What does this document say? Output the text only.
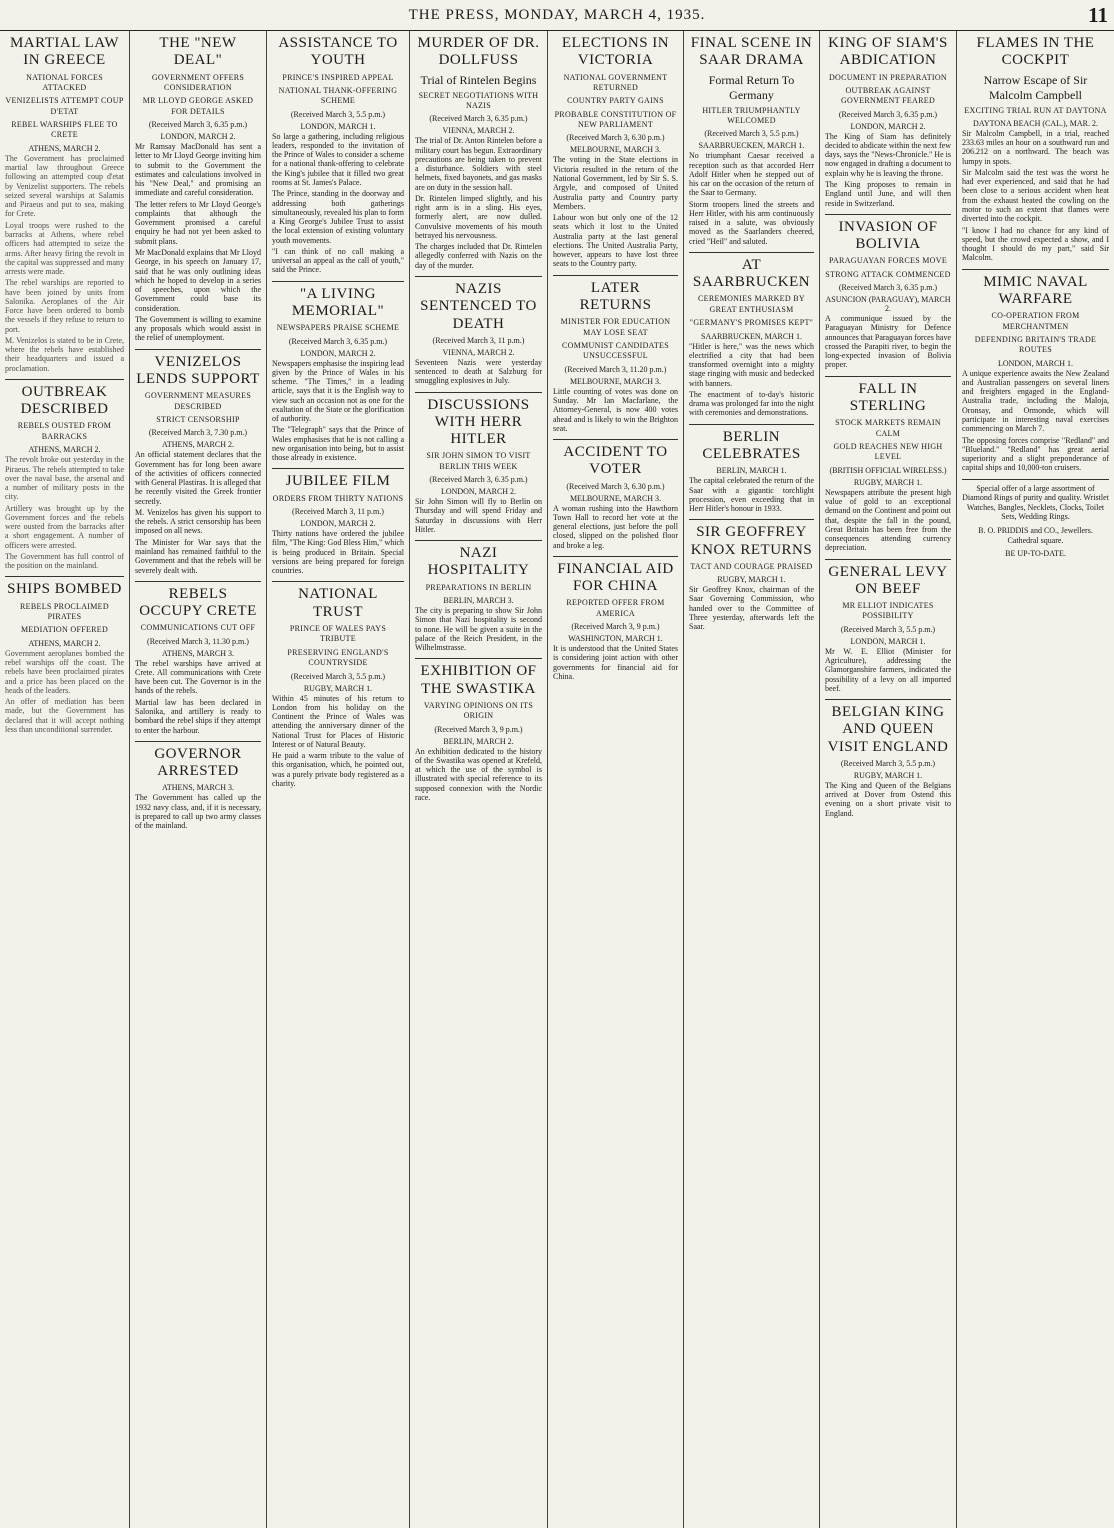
THE PRESS, MONDAY, MARCH 4, 1935.	11
MARTIAL LAW IN GREECE
NATIONAL FORCES ATTACKED
VENIZELISTS ATTEMPT COUP D'ETAT
REBEL WARSHIPS FLEE TO CRETE
ATHENS, MARCH 2.

The Government has proclaimed martial law throughout Greece following an attempted coup d'etat by Venizelist supporters. The rebels seized several warships at Salamis and Piraeus and put to sea, making for Crete.

Loyal troops were rushed to the barracks at Athens, where rebel officers had attempted to seize the arms. After heavy firing the revolt in the capital was suppressed and many arrests were made.

The rebel warships are reported to have been joined by units from Salonika. Aeroplanes of the Air Force have been ordered to bomb the vessels if they refuse to return to port.

M. Venizelos is stated to be in Crete, where the rebels have established their headquarters and issued a proclamation.

OUTBREAK DESCRIBED
REBELS OUSTED FROM BARRACKS
ATHENS, MARCH 2.

The revolt broke out yesterday in the Piraeus. The rebels attempted to take over the naval base, the arsenal and a number of military posts in the city.

Artillery was brought up by the Government forces and the rebels were ousted from the barracks after a short engagement. A number of officers were arrested.

The Government has full control of the position on the mainland.

SHIPS BOMBED
REBELS PROCLAIMED PIRATES
MEDIATION OFFERED
ATHENS, MARCH 2.

Government aeroplanes bombed the rebel warships off the coast. The rebels have been proclaimed pirates and a price has been placed on the heads of the leaders.

An offer of mediation has been made, but the Government has declared that it will accept nothing less than unconditional surrender.

THE "NEW DEAL"
GOVERNMENT OFFERS CONSIDERATION
MR LLOYD GEORGE ASKED FOR DETAILS
(Received March 3, 6.35 p.m.)
LONDON, MARCH 2.

Mr Ramsay MacDonald has sent a letter to Mr Lloyd George inviting him to submit to the Government the estimates and calculations involved in his "New Deal," and promising an immediate and careful consideration.

The letter refers to Mr Lloyd George's complaints that although the Government promised a careful enquiry he had not yet been asked to submit plans.

Mr MacDonald explains that Mr Lloyd George, in his speech on January 17, said that he was only outlining ideas which he hoped to develop in a series of speeches, upon which the Government could base its consideration.

The Government is willing to examine any proposals which would assist in the relief of unemployment.

VENIZELOS LENDS SUPPORT
GOVERNMENT MEASURES DESCRIBED
STRICT CENSORSHIP
(Received March 3, 7.30 p.m.)
ATHENS, MARCH 2.

An official statement declares that the Government has for long been aware of the activities of officers connected with General Plastiras. It is alleged that he recently visited the Greek frontier secretly.

M. Venizelos has given his support to the rebels. A strict censorship has been imposed on all news.

The Minister for War says that the mainland has remained faithful to the Government and that the rebels will be severely dealt with.

REBELS OCCUPY CRETE
COMMUNICATIONS CUT OFF
(Received March 3, 11.30 p.m.)
ATHENS, MARCH 3.

The rebel warships have arrived at Crete. All communications with Crete have been cut. The Governor is in the hands of the rebels.

Martial law has been declared in Salonika, and artillery is ready to bombard the rebel ships if they attempt to enter the harbour.

GOVERNOR ARRESTED
ATHENS, MARCH 3.

The Government has called up the 1932 navy class, and, if it is necessary, is prepared to call up two army classes of the mainland.

ASSISTANCE TO YOUTH
PRINCE'S INSPIRED APPEAL
NATIONAL THANK-OFFERING SCHEME
(Received March 3, 5.5 p.m.)
LONDON, MARCH 1.

So large a gathering, including religious leaders, responded to the invitation of the Prince of Wales to consider a scheme for a national thank-offering to celebrate the King's jubilee that it filled two great rooms at St. James's Palace.

The Prince, standing in the doorway and addressing both gatherings simultaneously, revealed his plan to form a King George's Jubilee Trust to assist the local extension of existing voluntary youth movements.

"I can think of no call making a universal an appeal as the call of youth," said the Prince.

"A LIVING MEMORIAL"
NEWSPAPERS PRAISE SCHEME
(Received March 3, 6.35 p.m.)
LONDON, MARCH 2.

Newspapers emphasise the inspiring lead given by the Prince of Wales in his scheme. "The Times," in a leading article, says that it is the English way to view such an occasion not as one for the exaltation of the State or the glorification of authority.

The "Telegraph" says that the Prince of Wales emphasises that he is not calling a new organisation into being, but to assist those already in existence.

JUBILEE FILM
ORDERS FROM THIRTY NATIONS
(Received March 3, 11 p.m.)
LONDON, MARCH 2.

Thirty nations have ordered the jubilee film, "The King: God Bless Him," which is being produced in Britain. Special versions are being prepared for foreign countries.

NATIONAL TRUST
PRINCE OF WALES PAYS TRIBUTE
PRESERVING ENGLAND'S COUNTRYSIDE
(Received March 3, 5.5 p.m.)
RUGBY, MARCH 1.

Within 45 minutes of his return to London from his holiday on the Continent the Prince of Wales was attending the anniversary dinner of the National Trust for Places of Historic Interest or of Natural Beauty.

He paid a warm tribute to the value of this organisation, which, he pointed out, was a purely private body registered as a charity.

MURDER OF DR. DOLLFUSS
Trial of Rintelen Begins
SECRET NEGOTIATIONS WITH NAZIS
(Received March 3, 6.35 p.m.)
VIENNA, MARCH 2.

The trial of Dr. Anton Rintelen before a military court has begun. Extraordinary precautions are being taken to prevent a disturbance. Soldiers with steel helmets, fixed bayonets, and gas masks are on duty in the session hall.

Dr. Rintelen limped slightly, and his right arm is in a sling. His eyes, formerly alert, are now dulled. Convulsive movements of his mouth betrayed his nervousness.

The charges included that Dr. Rintelen allegedly conferred with Nazis on the day of the murder.

NAZIS SENTENCED TO DEATH
(Received March 3, 11 p.m.)
VIENNA, MARCH 2.

Seventeen Nazis were yesterday sentenced to death at Salzburg for smuggling explosives in July.

DISCUSSIONS WITH HERR HITLER
SIR JOHN SIMON TO VISIT BERLIN THIS WEEK
(Received March 3, 6.35 p.m.)
LONDON, MARCH 2.

Sir John Simon will fly to Berlin on Thursday and will spend Friday and Saturday in discussions with Herr Hitler.

NAZI HOSPITALITY
PREPARATIONS IN BERLIN
BERLIN, MARCH 3.

The city is preparing to show Sir John Simon that Nazi hospitality is second to none. He will be given a suite in the palace of the Reich President, in the Wilhelmstrasse.

EXHIBITION OF THE SWASTIKA
VARYING OPINIONS ON ITS ORIGIN
(Received March 3, 9 p.m.)
BERLIN, MARCH 2.

An exhibition dedicated to the history of the Swastika was opened at Krefeld, at which the use of the symbol is illustrated with special reference to its supposed connexion with the Nordic race.

ELECTIONS IN VICTORIA
NATIONAL GOVERNMENT RETURNED
COUNTRY PARTY GAINS
PROBABLE CONSTITUTION OF NEW PARLIAMENT
(Received March 3, 6.30 p.m.)
MELBOURNE, MARCH 3.

The voting in the State elections in Victoria resulted in the return of the National Government, led by Sir S. S. Argyle, and composed of United Australia party and Country party Members.

Labour won but only one of the 12 seats which it lost to the United Australia party at the last general elections. The United Australia Party, however, appears to have lost three seats to the Country party.

LATER RETURNS
MINISTER FOR EDUCATION MAY LOSE SEAT
COMMUNIST CANDIDATES UNSUCCESSFUL
(Received March 3, 11.20 p.m.)
MELBOURNE, MARCH 3.

Little counting of votes was done on Sunday. Mr Ian Macfarlane, the Attorney-General, is now 400 votes ahead and is likely to win the Brighton seat.

ACCIDENT TO VOTER
(Received March 3, 6.30 p.m.)
MELBOURNE, MARCH 3.

A woman rushing into the Hawthorn Town Hall to record her vote at the general elections, just before the poll closed, slipped on the polished floor and broke a leg.

FINANCIAL AID FOR CHINA
REPORTED OFFER FROM AMERICA
(Received March 3, 9 p.m.)
WASHINGTON, MARCH 1.

It is understood that the United States is considering joint action with other governments for financial aid for China.

FINAL SCENE IN SAAR DRAMA
Formal Return To Germany
HITLER TRIUMPHANTLY WELCOMED
(Received March 3, 5.5 p.m.)
SAARBRUECKEN, MARCH 1.

No triumphant Caesar received a reception such as that accorded Herr Adolf Hitler when he stepped out of his car on the occasion of the return of the Saar to Germany.

Storm troopers lined the streets and Herr Hitler, with his arm continuously raised in a salute, was obviously moved as the Saarlanders cheered, cried "Heil" and saluted.

AT SAARBRUCKEN
CEREMONIES MARKED BY GREAT ENTHUSIASM
"GERMANY'S PROMISES KEPT"
SAARBRUCKEN, MARCH 1.

"Hitler is here," was the news which electrified a city that had been transformed overnight into a mighty stage ringing with music and bedecked with banners.

The enactment of to-day's historic drama was prolonged far into the night with ceremonies and demonstrations.

BERLIN CELEBRATES
BERLIN, MARCH 1.

The capital celebrated the return of the Saar with a gigantic torchlight procession, even exceeding that in Herr Hitler's honour in 1933.

SIR GEOFFREY KNOX RETURNS
TACT AND COURAGE PRAISED
RUGBY, MARCH 1.

Sir Geoffrey Knox, chairman of the Saar Governing Commission, who handed over to the Committee of Three yesterday, afterwards left the Saar.

KING OF SIAM'S ABDICATION
DOCUMENT IN PREPARATION
OUTBREAK AGAINST GOVERNMENT FEARED
(Received March 3, 6.35 p.m.)
LONDON, MARCH 2.

The King of Siam has definitely decided to abdicate within the next few days, says the "News-Chronicle." He is now engaged in drafting a document to explain why he is leaving the throne.

The King proposes to remain in England until June, and will then reside in Switzerland.

INVASION OF BOLIVIA
PARAGUAYAN FORCES MOVE
STRONG ATTACK COMMENCED
(Received March 3, 6.35 p.m.)
ASUNCION (PARAGUAY), MARCH 2.

A communique issued by the Paraguayan Ministry for Defence announces that Paraguayan forces have crossed the Parapiti river, to begin the long-expected invasion of Bolivia proper.

FALL IN STERLING
STOCK MARKETS REMAIN CALM
GOLD REACHES NEW HIGH LEVEL
(BRITISH OFFICIAL WIRELESS.)
RUGBY, MARCH 1.

Newspapers attribute the present high value of gold to an exceptional demand on the Continent and point out that, despite the fall in the pound, Great Britain has been free from the consequences attending currency depreciation.

GENERAL LEVY ON BEEF
MR ELLIOT INDICATES POSSIBILITY
(Received March 3, 5.5 p.m.)
LONDON, MARCH 1.

Mr W. E. Elliot (Minister for Agriculture), addressing the Glamorganshire farmers, indicated the possibility of a levy on all imported beef.

BELGIAN KING AND QUEEN VISIT ENGLAND
(Received March 3, 5.5 p.m.)
RUGBY, MARCH 1.

The King and Queen of the Belgians arrived at Dover from Ostend this evening on a short private visit to England.

FLAMES IN THE COCKPIT
Narrow Escape of Sir Malcolm Campbell
EXCITING TRIAL RUN AT DAYTONA
DAYTONA BEACH (CAL.), MAR. 2.

Sir Malcolm Campbell, in a trial, reached 233.63 miles an hour on a southward run and 206.212 on a northward. The beach was lumpy in spots.

Sir Malcolm said the test was the worst he had ever experienced, and said that he had been close to a serious accident when heat from the exhaust heated the cowling on the motor to such an extent that flames were diverted into the cockpit.

"I know I had no chance for any kind of speed, but the crowd expected a show, and I thought I should do my part," said Sir Malcolm.

MIMIC NAVAL WARFARE
CO-OPERATION FROM MERCHANTMEN
DEFENDING BRITAIN'S TRADE ROUTES
LONDON, MARCH 1.

A unique experience awaits the New Zealand and Australian passengers on several liners and freighters engaged in the England-Australia trade, including the Maloja, Oronsay, and Ormonde, which will participate in interesting naval exercises commencing on March 7.

The opposing forces comprise "Redland" and "Blueland." "Redland" has great aerial superiority and a slight preponderance of capital ships and 10,000-ton cruisers.

Special offer of a large assortment of Diamond Rings of purity and quality. Wristlet Watches, Bangles, Necklets, Clocks, Toilet Sets, Wedding Rings.
B. O. PRIDDIS and CO., Jewellers. Cathedral square.
BE UP-TO-DATE.
